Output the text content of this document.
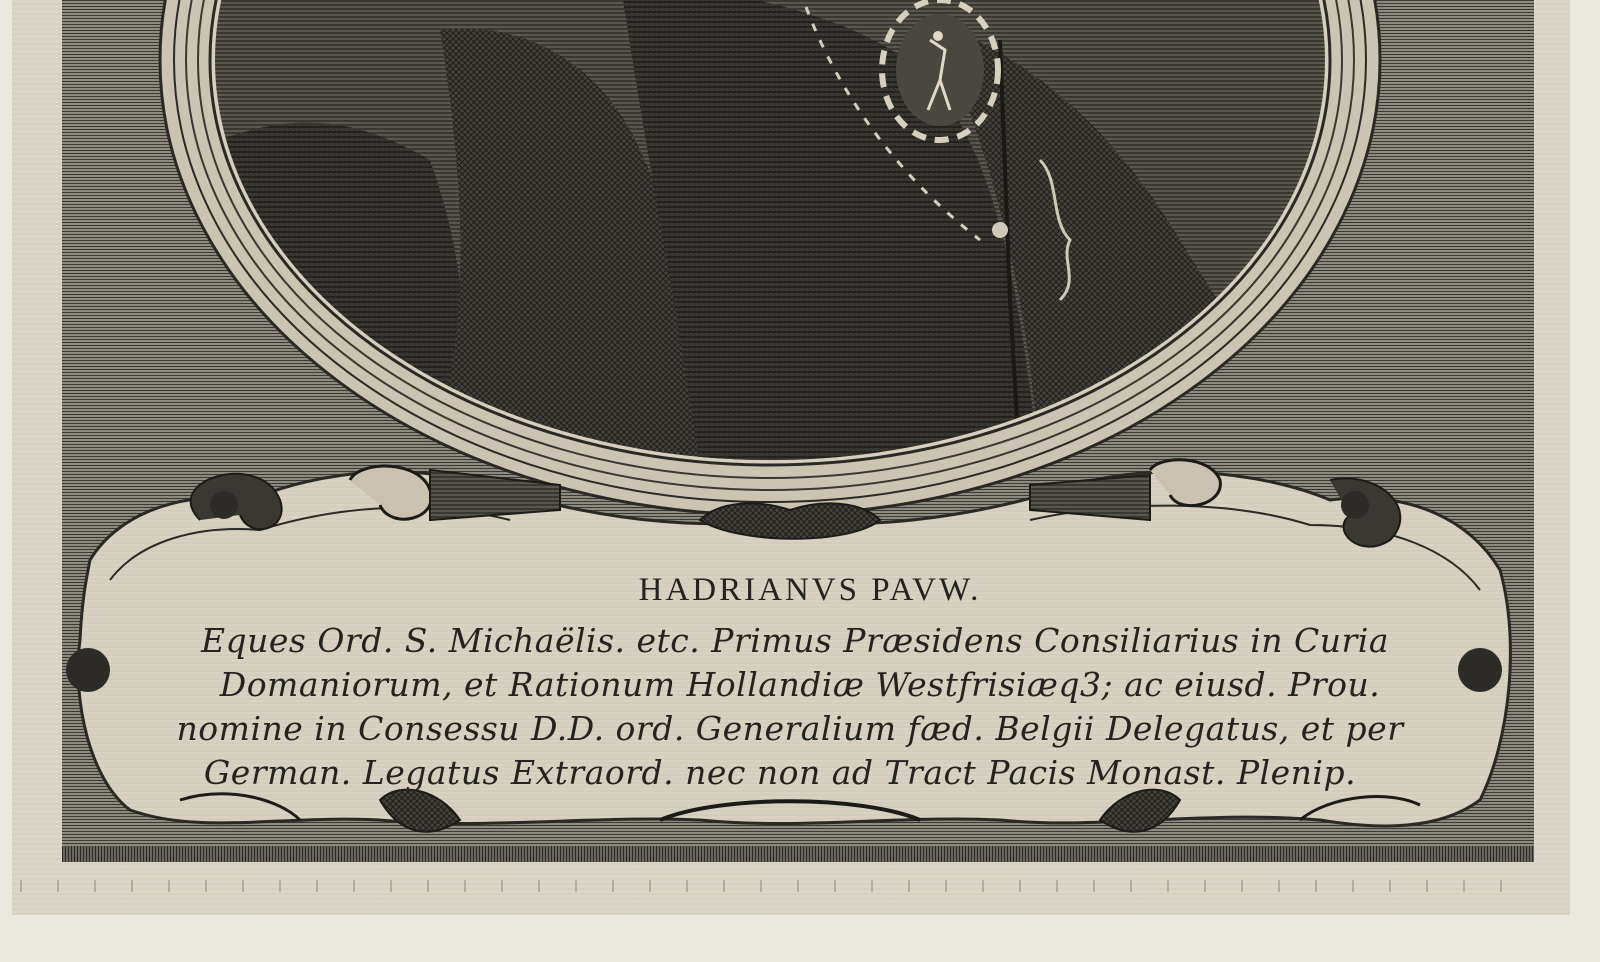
HADRIANVS PAVW.
Eques Ord. S. Michaëlis. etc. Primus Præsidens Consiliarius in Curia
Domaniorum, et Rationum Hollandiæ Westfrisiæq3; ac eiusd. Prou.
nomine in Consessu D.D. ord. Generalium fæd. Belgii Delegatus, et per
German. Legatus Extraord. nec non ad Tract Pacis Monast. Plenip.
